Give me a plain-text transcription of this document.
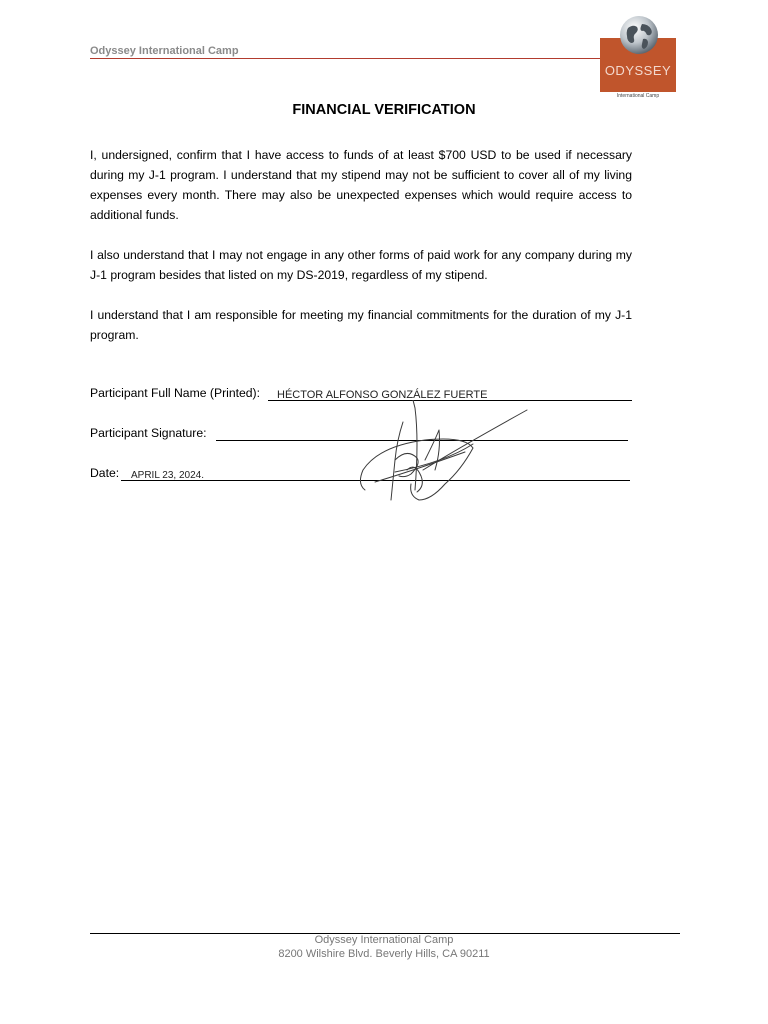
Odyssey International Camp
ODYSSEY
International Camp
FINANCIAL VERIFICATION
I, undersigned, confirm that I have access to funds of at least $700 USD to be used if necessary during my J-1 program. I understand that my stipend may not be sufficient to cover all of my living expenses every month. There may also be unexpected expenses which would require access to additional funds.
I also understand that I may not engage in any other forms of paid work for any company during my J-1 program besides that listed on my DS-2019, regardless of my stipend.
I understand that I am responsible for meeting my financial commitments for the duration of my J-1 program.
Participant Full Name (Printed): HÉCTOR ALFONSO GONZÁLEZ FUERTE
Participant Signature:
Date: APRIL 23, 2024.
Odyssey International Camp
8200 Wilshire Blvd. Beverly Hills, CA 90211
